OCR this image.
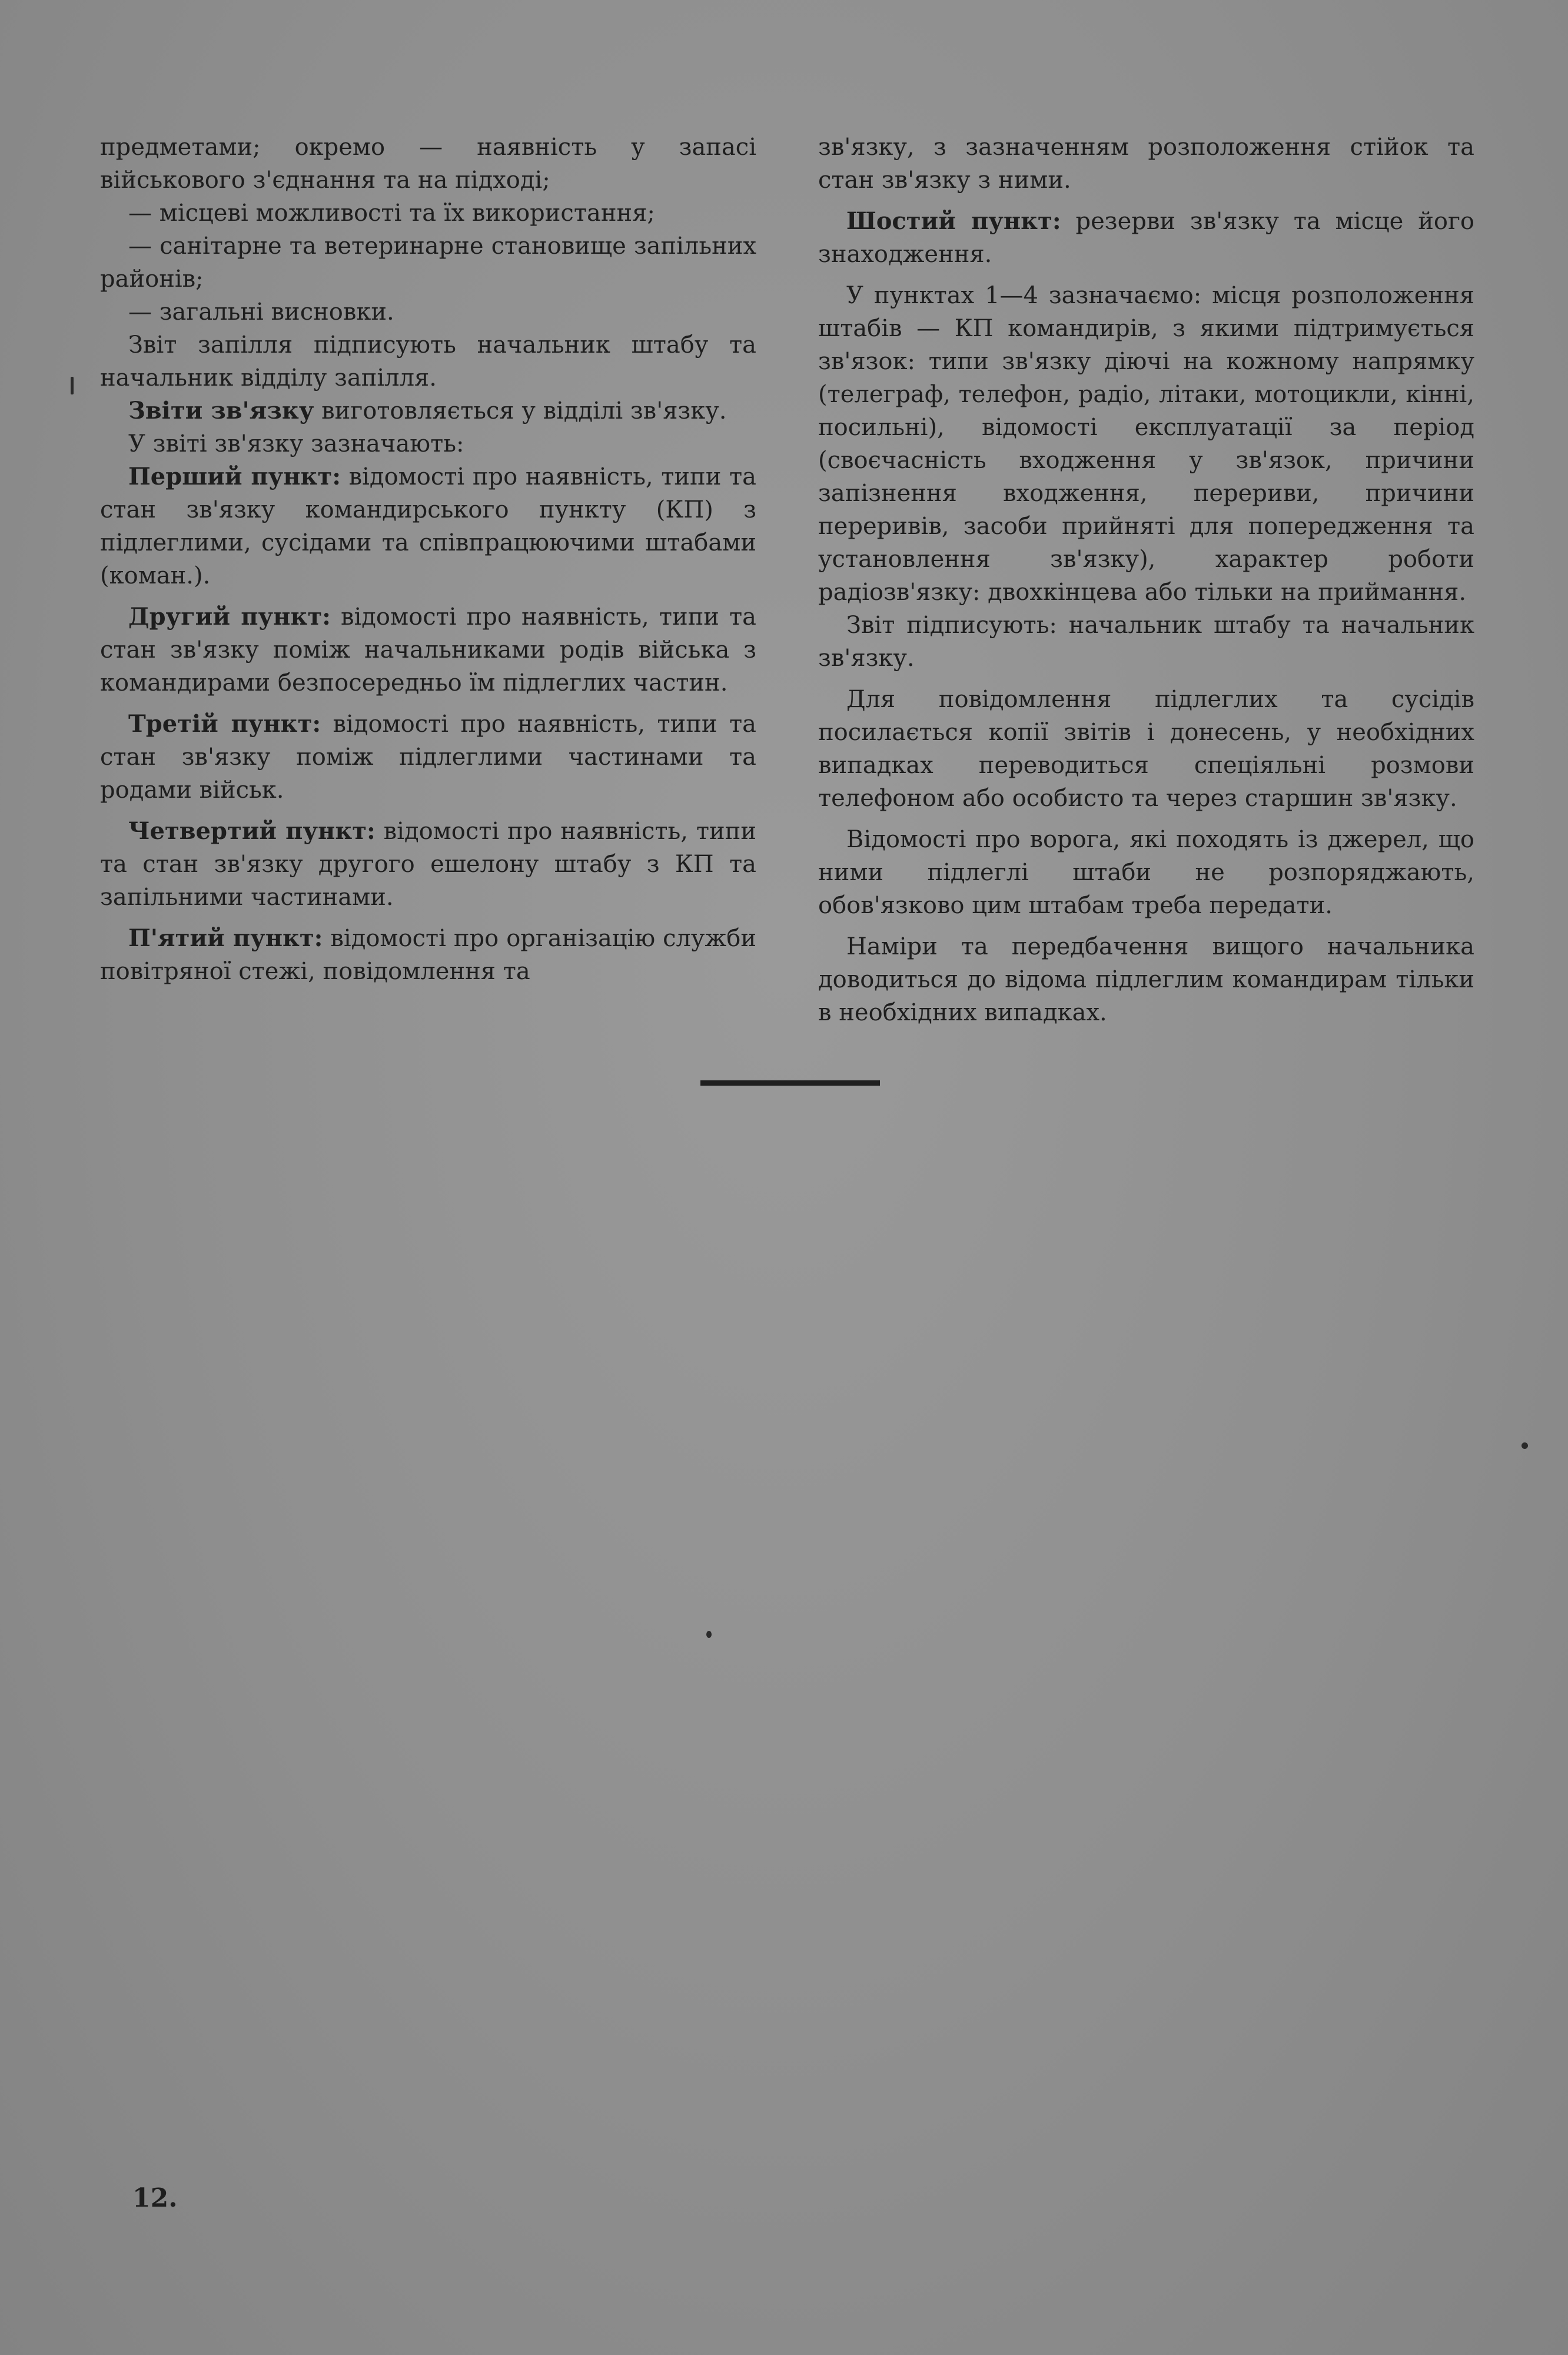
предметами; окремо — наявність у запасі військового з'єднання та на підході;

— місцеві можливості та їх використання;

— санітарне та ветеринарне становище запільних районів;

— загальні висновки.

Звіт запілля підписують начальник штабу та начальник відділу запілля.

Звіти зв'язку виготовляється у відділі зв'язку.

У звіті зв'язку зазначають:

Перший пункт: відомості про наявність, типи та стан зв'язку командирського пункту (КП) з підлеглими, сусідами та співпрацюючими штабами (коман.).

Другий пункт: відомості про наявність, типи та стан зв'язку поміж начальниками родів війська з командирами безпосередньо їм підлеглих частин.

Третій пункт: відомості про наявність, типи та стан зв'язку поміж підлеглими частинами та родами військ.

Четвертий пункт: відомості про наявність, типи та стан зв'язку другого ешелону штабу з КП та запільними частинами.

П'ятий пункт: відомості про організацію служби повітряної стежі, повідомлення та

зв'язку, з зазначенням розположення стійок та стан зв'язку з ними.

Шостий пункт: резерви зв'язку та місце його знаходження.

У пунктах 1—4 зазначаємо: місця розположення штабів — КП командирів, з якими підтримується зв'язок: типи зв'язку діючі на кожному напрямку (телеграф, телефон, радіо, літаки, мотоцикли, кінні, посильні), відомості експлуатації за період (своєчасність входження у зв'язок, причини запізнення входження, перериви, причини переривів, засоби прийняті для попередження та установлення зв'язку), характер роботи радіозв'язку: двохкінцева або тільки на приймання.

Звіт підписують: начальник штабу та начальник зв'язку.

Для повідомлення підлеглих та сусідів посилається копії звітів і донесень, у необхідних випадках переводиться спеціяльні розмови телефоном або особисто та через старшин зв'язку.

Відомості про ворога, які походять із джерел, що ними підлеглі штаби не розпоряджають, обов'язково цим штабам треба передати.

Наміри та передбачення вищого начальника доводиться до відома підлеглим командирам тільки в необхідних випадках.

12.
